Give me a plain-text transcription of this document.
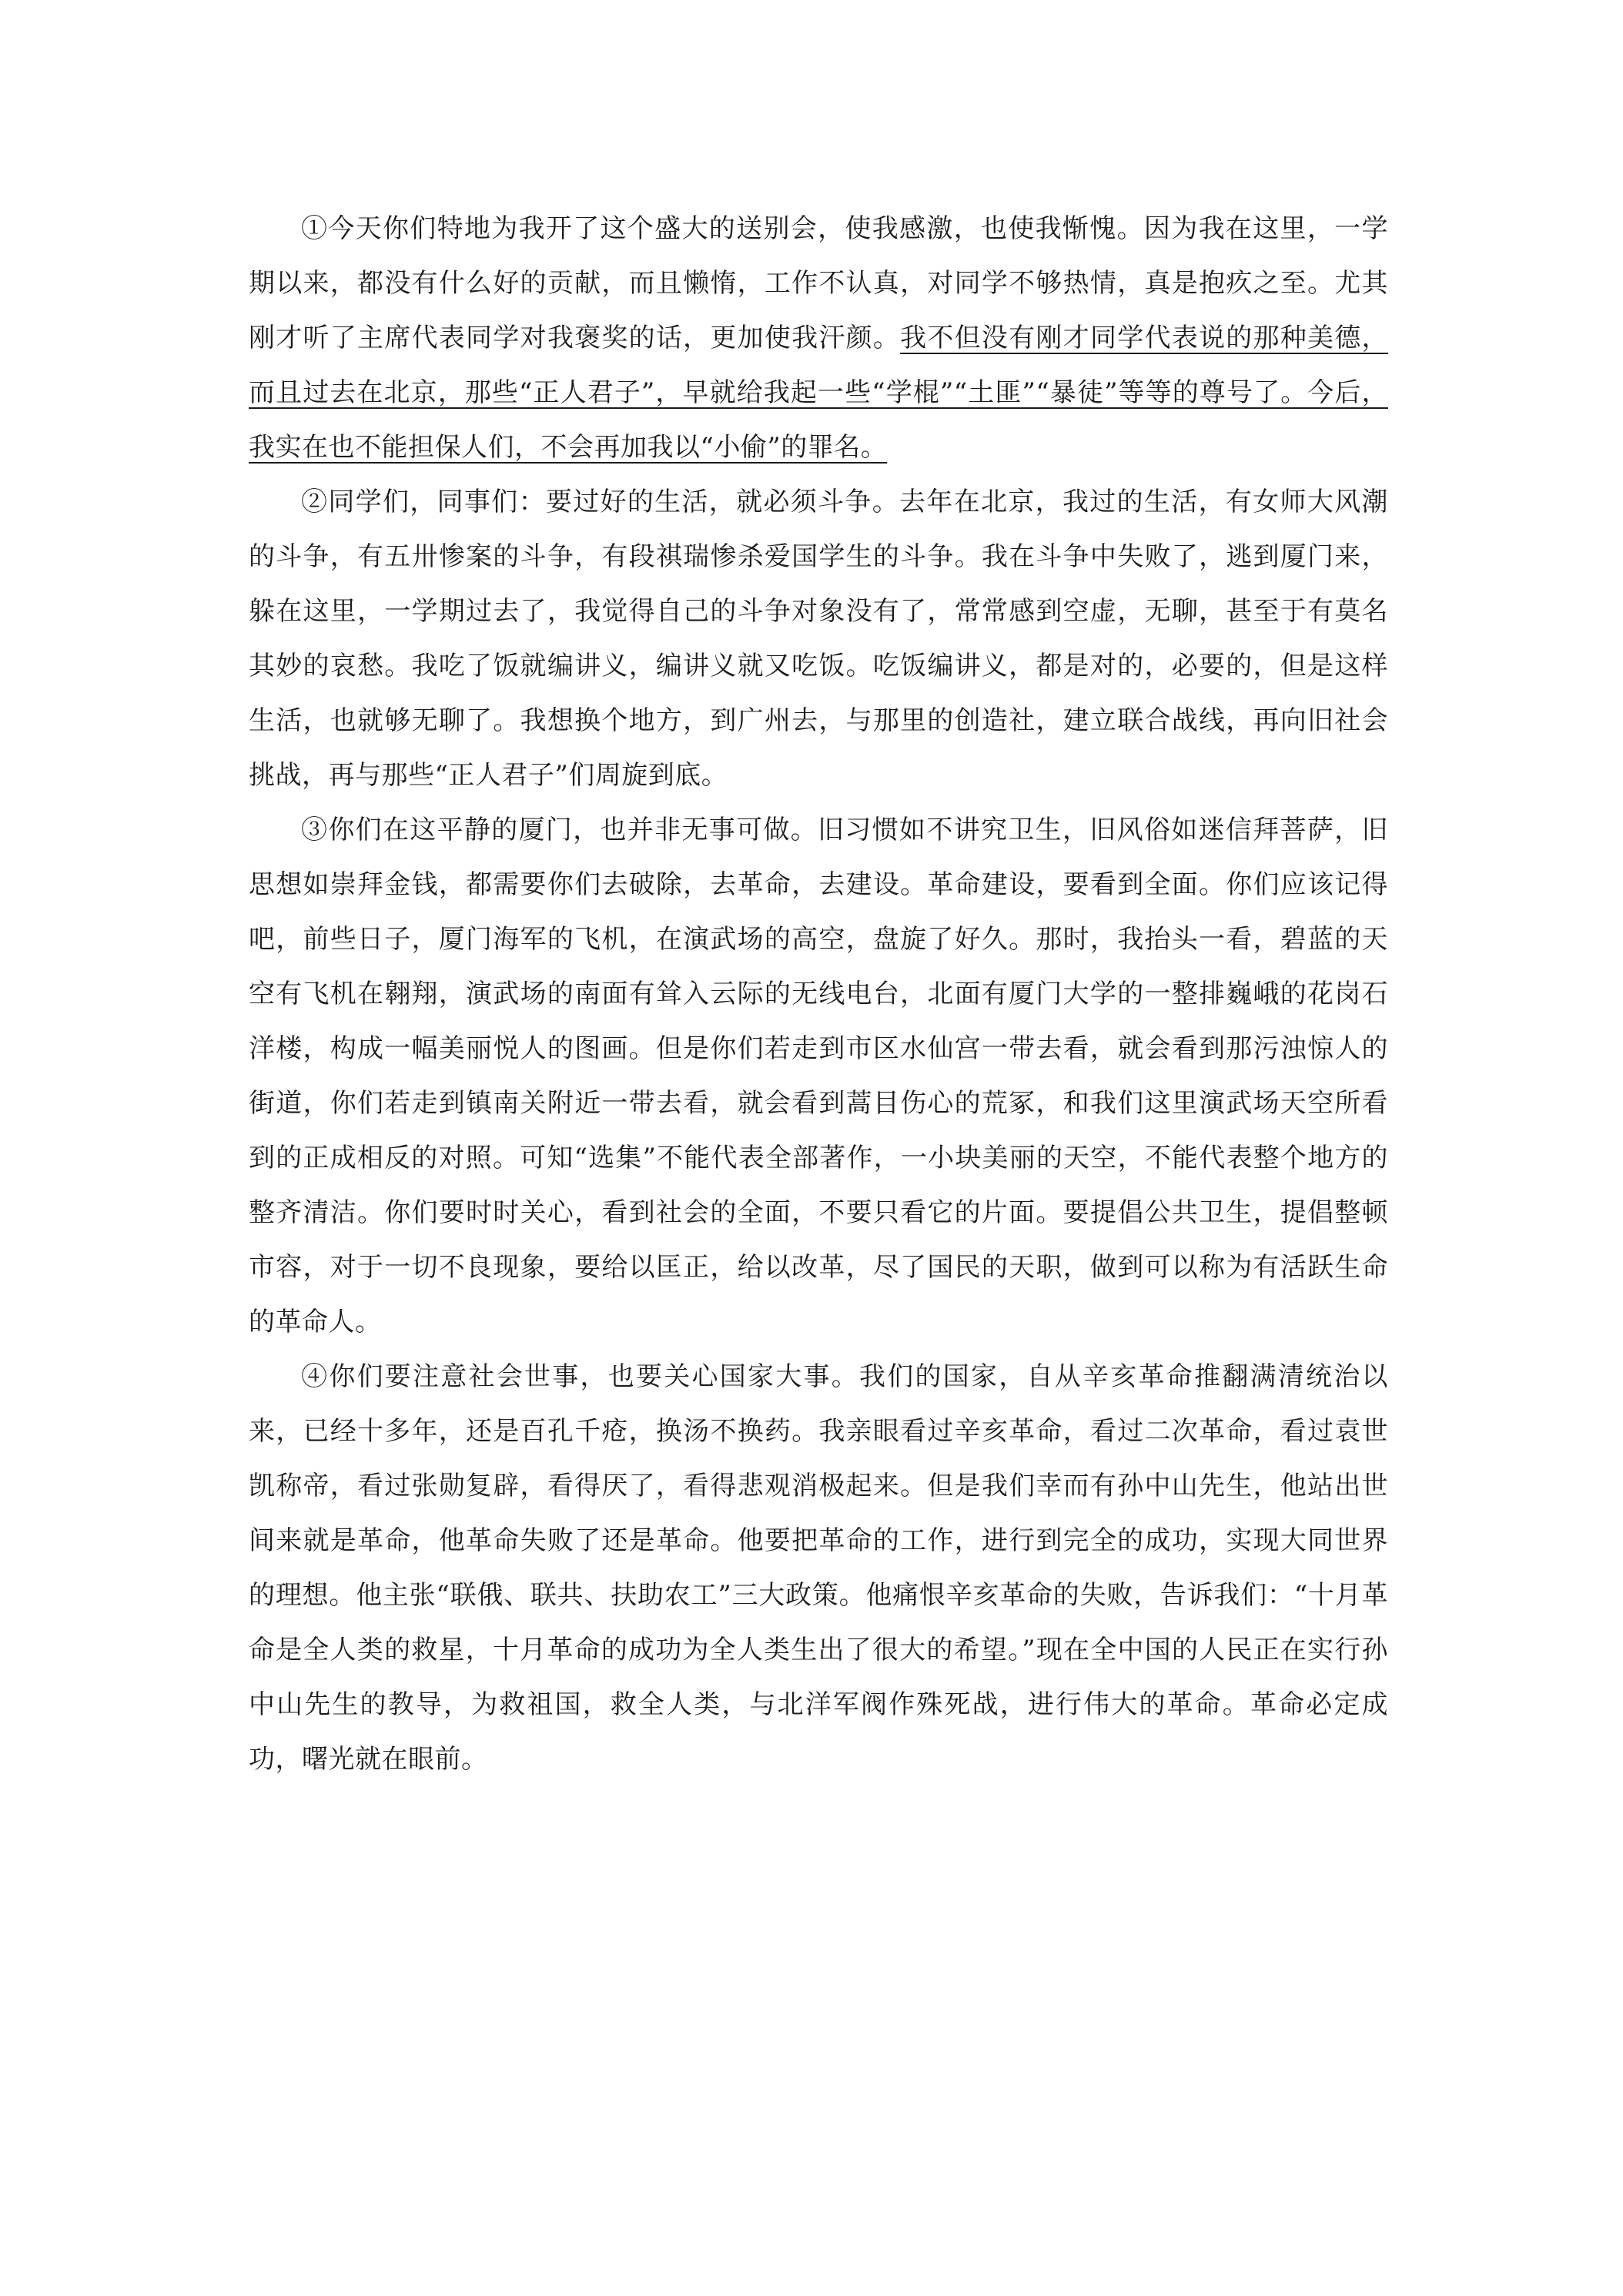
①今天你们特地为我开了这个盛大的送别会，使我感激，也使我惭愧。因为我在这里，一学期以来，都没有什么好的贡献，而且懒惰，工作不认真，对同学不够热情，真是抱疚之至。尤其刚才听了主席代表同学对我褒奖的话，更加使我汗颜。我不但没有刚才同学代表说的那种美德，而且过去在北京，那些“正人君子”，早就给我起一些“学棍”“土匪”“暴徒”等等的尊号了。今后，我实在也不能担保人们，不会再加我以“小偷”的罪名。

②同学们，同事们：要过好的生活，就必须斗争。去年在北京，我过的生活，有女师大风潮的斗争，有五卅惨案的斗争，有段祺瑞惨杀爱国学生的斗争。我在斗争中失败了，逃到厦门来，躲在这里，一学期过去了，我觉得自己的斗争对象没有了，常常感到空虚，无聊，甚至于有莫名其妙的哀愁。我吃了饭就编讲义，编讲义就又吃饭。吃饭编讲义，都是对的，必要的，但是这样生活，也就够无聊了。我想换个地方，到广州去，与那里的创造社，建立联合战线，再向旧社会挑战，再与那些“正人君子”们周旋到底。

③你们在这平静的厦门，也并非无事可做。旧习惯如不讲究卫生，旧风俗如迷信拜菩萨，旧思想如崇拜金钱，都需要你们去破除，去革命，去建设。革命建设，要看到全面。你们应该记得吧，前些日子，厦门海军的飞机，在演武场的高空，盘旋了好久。那时，我抬头一看，碧蓝的天空有飞机在翱翔，演武场的南面有耸入云际的无线电台，北面有厦门大学的一整排巍峨的花岗石洋楼，构成一幅美丽悦人的图画。但是你们若走到市区水仙宫一带去看，就会看到那污浊惊人的街道，你们若走到镇南关附近一带去看，就会看到蒿目伤心的荒冢，和我们这里演武场天空所看到的正成相反的对照。可知“选集”不能代表全部著作，一小块美丽的天空，不能代表整个地方的整齐清洁。你们要时时关心，看到社会的全面，不要只看它的片面。要提倡公共卫生，提倡整顿市容，对于一切不良现象，要给以匡正，给以改革，尽了国民的天职，做到可以称为有活跃生命的革命人。

④你们要注意社会世事，也要关心国家大事。我们的国家，自从辛亥革命推翻满清统治以来，已经十多年，还是百孔千疮，换汤不换药。我亲眼看过辛亥革命，看过二次革命，看过袁世凯称帝，看过张勋复辟，看得厌了，看得悲观消极起来。但是我们幸而有孙中山先生，他站出世间来就是革命，他革命失败了还是革命。他要把革命的工作，进行到完全的成功，实现大同世界的理想。他主张“联俄、联共、扶助农工”三大政策。他痛恨辛亥革命的失败，告诉我们：“十月革命是全人类的救星，十月革命的成功为全人类生出了很大的希望。”现在全中国的人民正在实行孙中山先生的教导，为救祖国，救全人类，与北洋军阀作殊死战，进行伟大的革命。革命必定成功，曙光就在眼前。
